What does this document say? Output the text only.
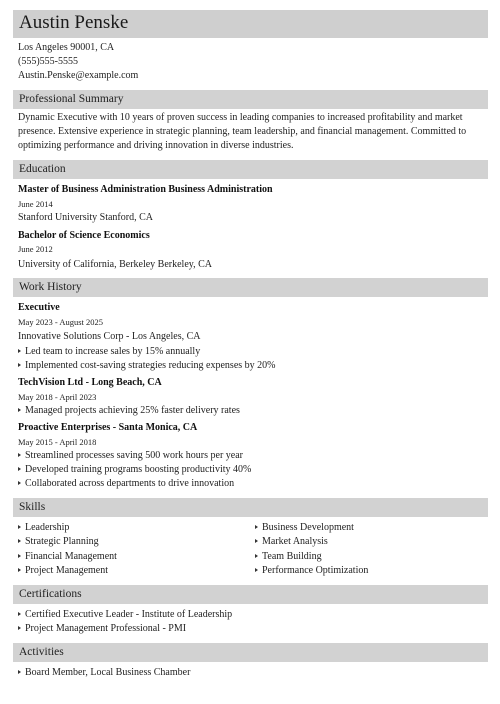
Austin Penske
Los Angeles 90001, CA
(555)555-5555
Austin.Penske@example.com
Professional Summary
Dynamic Executive with 10 years of proven success in leading companies to increased profitability and market presence. Extensive experience in strategic planning, team leadership, and financial management. Committed to optimizing performance and driving innovation in diverse industries.
Education
Master of Business Administration Business Administration
June 2014
Stanford University Stanford, CA
Bachelor of Science Economics
June 2012
University of California, Berkeley Berkeley, CA
Work History
Executive
May 2023 - August 2025
Innovative Solutions Corp - Los Angeles, CA
Led team to increase sales by 15% annually
Implemented cost-saving strategies reducing expenses by 20%
TechVision Ltd - Long Beach, CA
May 2018 - April 2023
Managed projects achieving 25% faster delivery rates
Proactive Enterprises - Santa Monica, CA
May 2015 - April 2018
Streamlined processes saving 500 work hours per year
Developed training programs boosting productivity 40%
Collaborated across departments to drive innovation
Skills
Leadership
Strategic Planning
Financial Management
Project Management
Business Development
Market Analysis
Team Building
Performance Optimization
Certifications
Certified Executive Leader - Institute of Leadership
Project Management Professional - PMI
Activities
Board Member, Local Business Chamber
